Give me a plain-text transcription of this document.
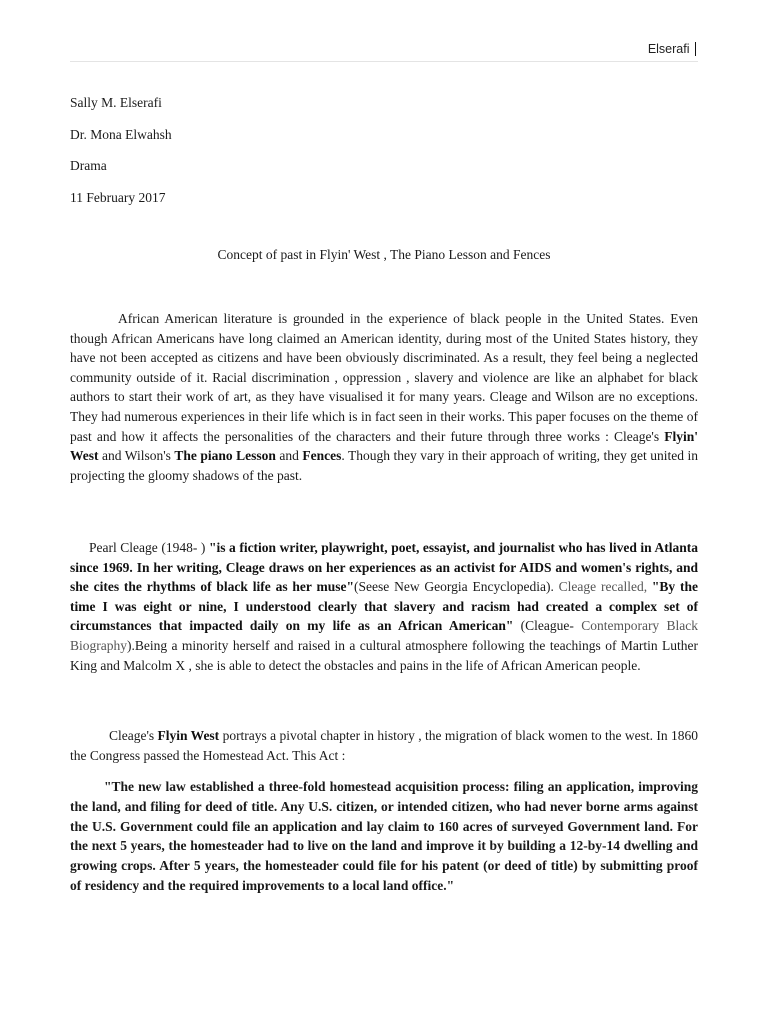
Elserafi
Sally M. Elserafi
Dr. Mona Elwahsh
Drama
11 February 2017
Concept of past in Flyin' West , The Piano Lesson and Fences

African American literature is grounded in the experience of black people in the United States. Even though African Americans have long claimed an American identity, during most of the United States history, they have not been accepted as citizens and have been obviously discriminated. As a result, they feel being a neglected community outside of it. Racial discrimination , oppression , slavery and violence are like an alphabet for black authors to start their work of art, as they have visualised it for many years. Cleage and Wilson are no exceptions. They had numerous experiences in their life which is in fact seen in their works. This paper focuses on the theme of past and how it affects the personalities of the characters and their future through three works : Cleage's Flyin' West and Wilson's The piano Lesson and Fences. Though they vary in their approach of writing, they get united in projecting the gloomy shadows of the past.

Pearl Cleage (1948- ) "is a fiction writer, playwright, poet, essayist, and journalist who has lived in Atlanta since 1969. In her writing, Cleage draws on her experiences as an activist for AIDS and women's rights, and she cites the rhythms of black life as her muse"(Seese New Georgia Encyclopedia). Cleage recalled, "By the time I was eight or nine, I understood clearly that slavery and racism had created a complex set of circumstances that impacted daily on my life as an African American" (Cleague- Contemporary Black Biography).Being a minority herself and raised in a cultural atmosphere following the teachings of Martin Luther King and Malcolm X , she is able to detect the obstacles and pains in the life of African American people.

Cleage's Flyin West portrays a pivotal chapter in history , the migration of black women to the west. In 1860 the Congress passed the Homestead Act. This Act :

"The new law established a three-fold homestead acquisition process: filing an application, improving the land, and filing for deed of title. Any U.S. citizen, or intended citizen, who had never borne arms against the U.S. Government could file an application and lay claim to 160 acres of surveyed Government land. For the next 5 years, the homesteader had to live on the land and improve it by building a 12-by-14 dwelling and growing crops. After 5 years, the homesteader could file for his patent (or deed of title) by submitting proof of residency and the required improvements to a local land office."
